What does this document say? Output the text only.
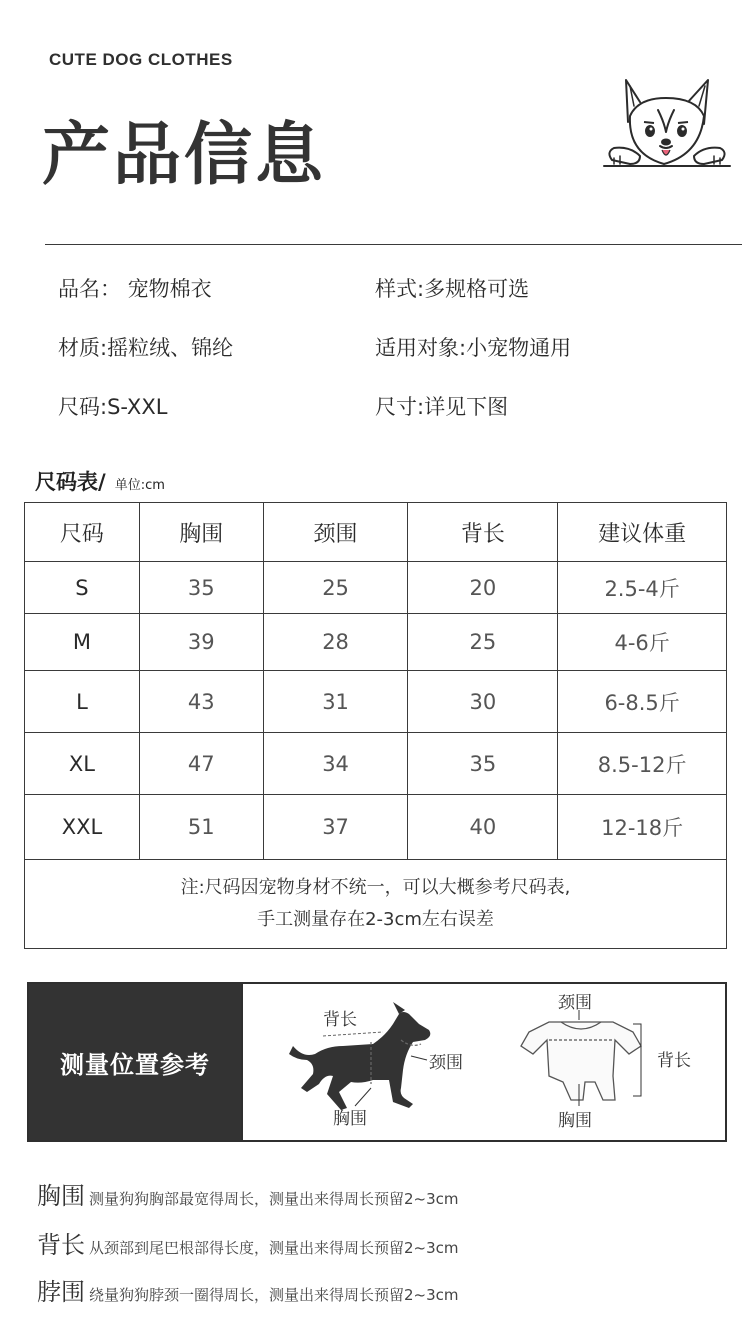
CUTE DOG CLOTHES
产品信息
品名： 宠物棉衣	样式:多规格可选
材质:摇粒绒、锦纶	适用对象:小宠物通用
尺码:S-XXL	尺寸:详见下图
尺码表/ 单位:cm
尺码	胸围	颈围	背长	建议体重
S	35	25	20	2.5-4斤
M	39	28	25	4-6斤
L	43	31	30	6-8.5斤
XL	47	34	35	8.5-12斤
XXL	51	37	40	12-18斤

注:尺码因宠物身材不统一，可以大概参考尺码表,
手工测量存在2-3cm左右误差				
测量位置参考
背长
颈围
胸围
颈围
背长
胸围
胸围 测量狗狗胸部最宽得周长，测量出来得周长预留2~3cm
背长 从颈部到尾巴根部得长度，测量出来得周长预留2~3cm
脖围 绕量狗狗脖颈一圈得周长，测量出来得周长预留2~3cm
